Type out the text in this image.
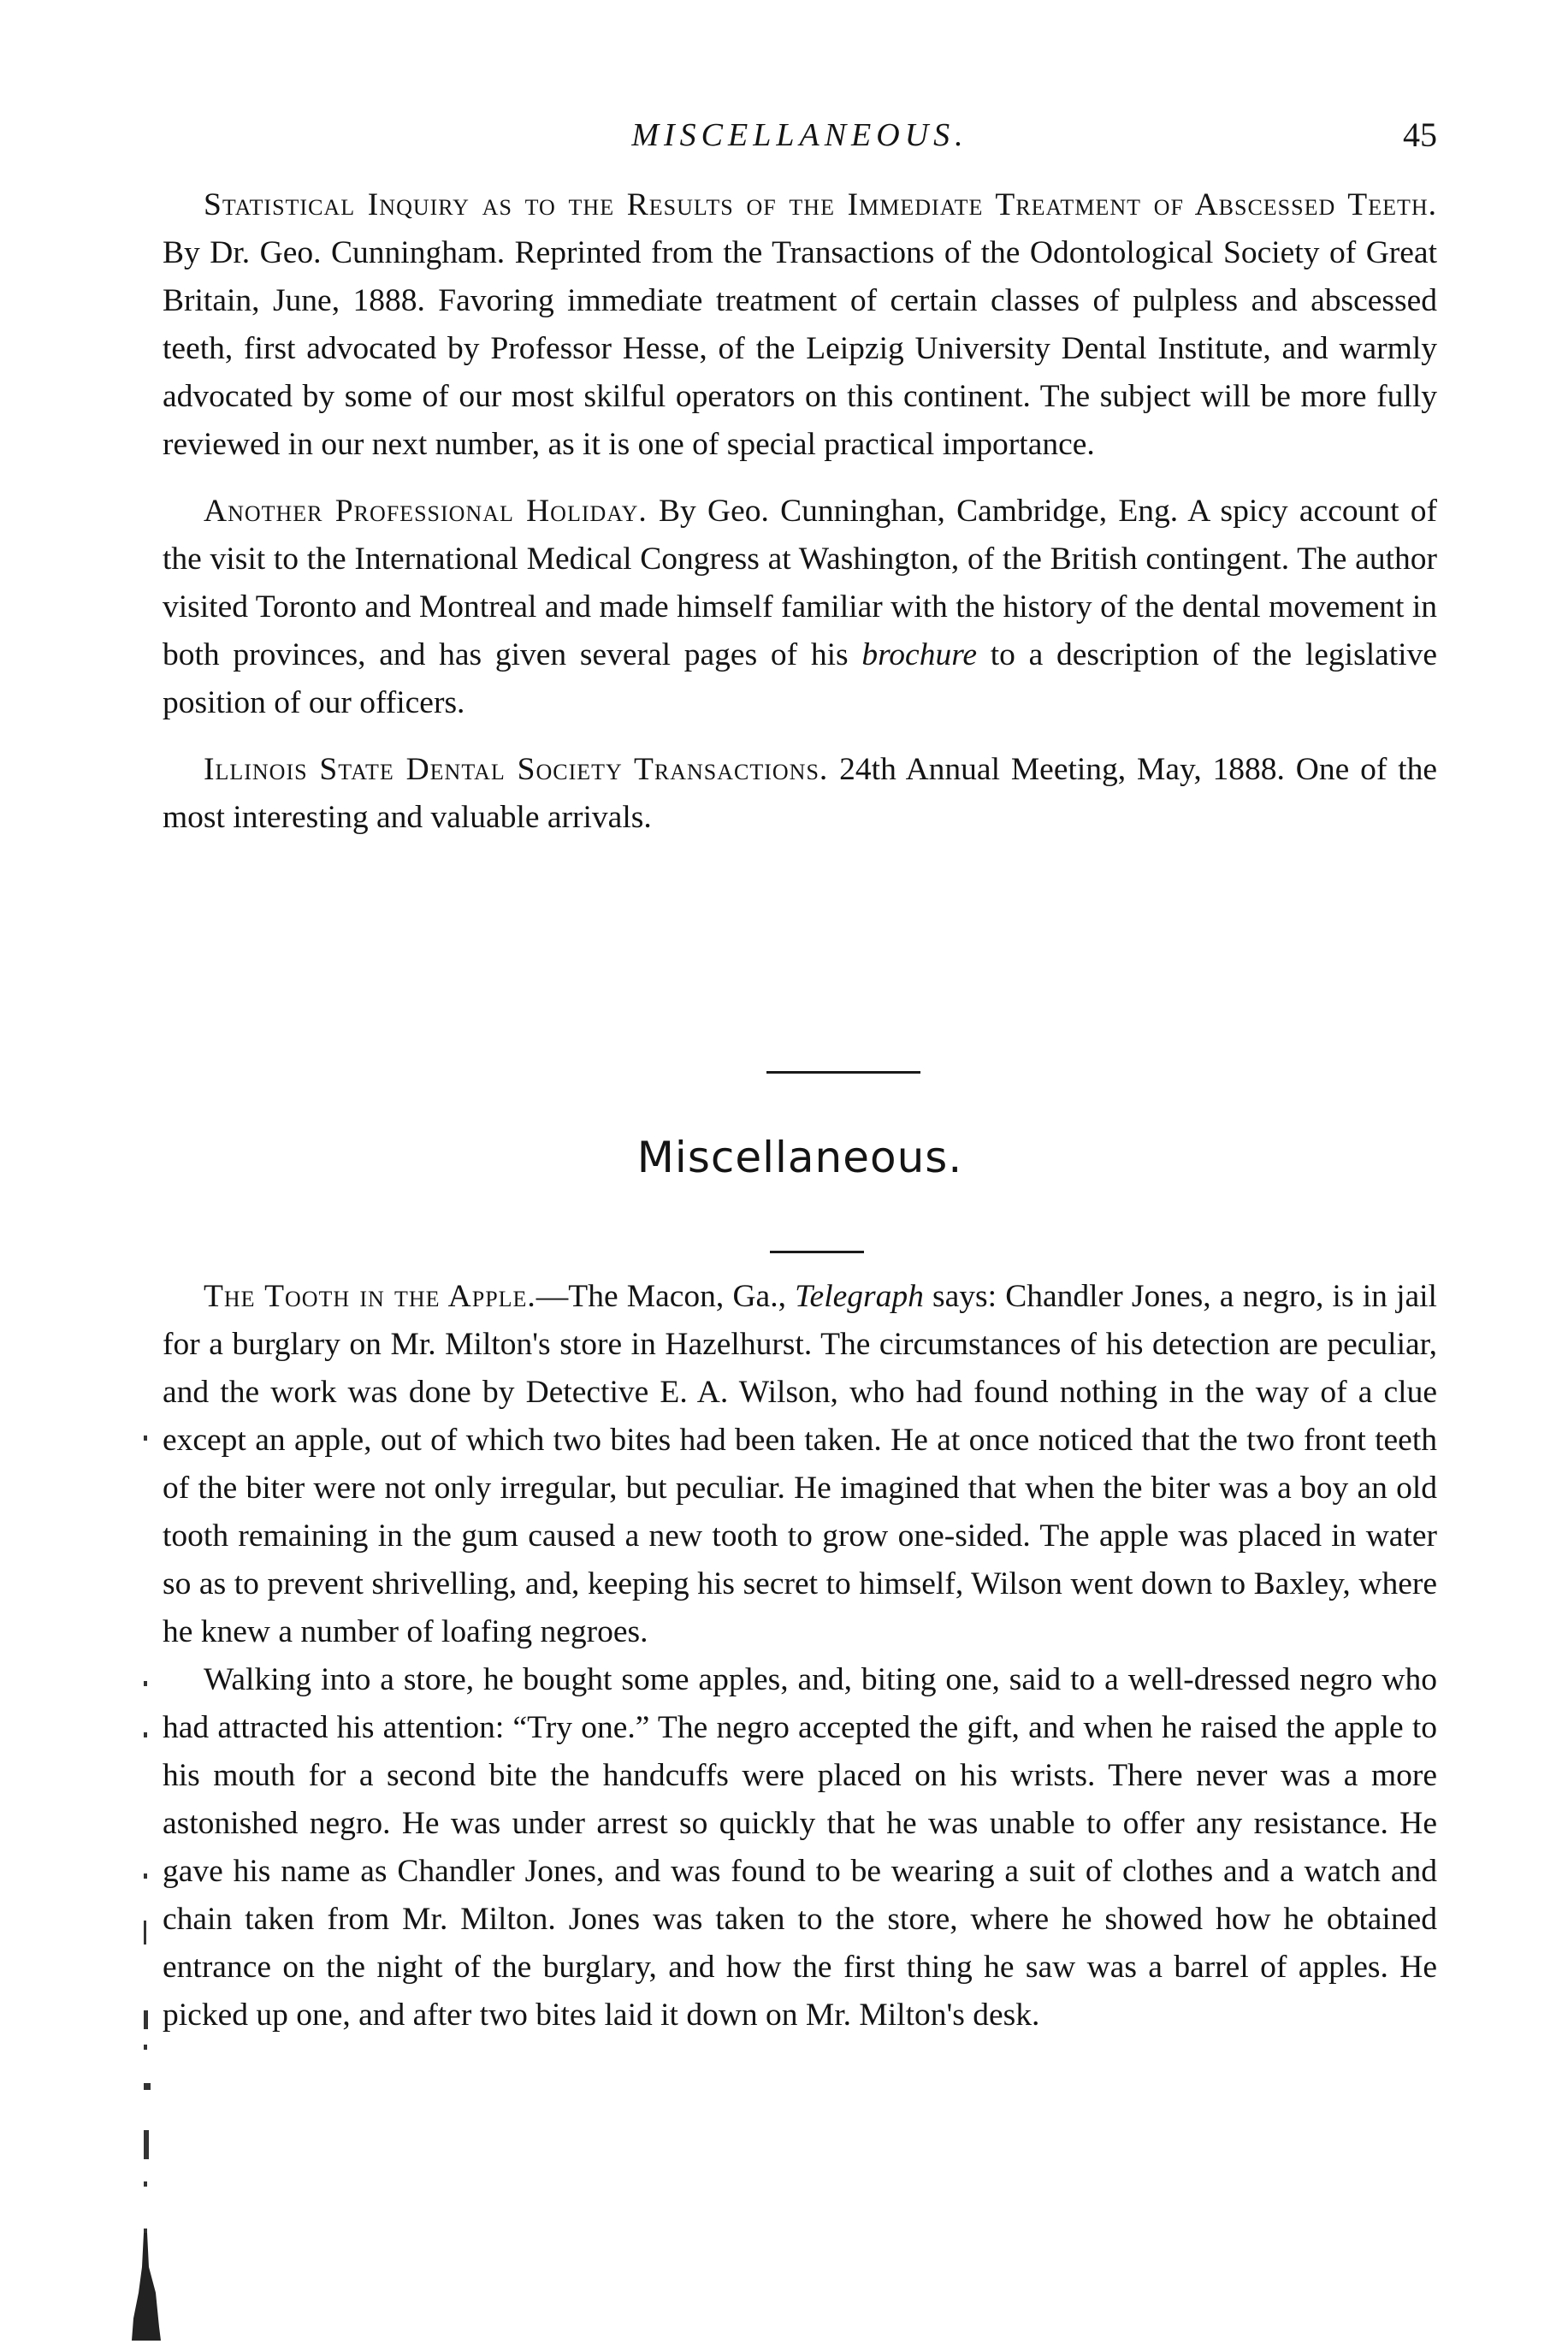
MISCELLANEOUS.	45

Statistical Inquiry as to the Results of the Immediate Treatment of Abscessed Teeth. By Dr. Geo. Cunningham. Reprinted from the Transactions of the Odontological Society of Great Britain, June, 1888. Favoring immediate treatment of certain classes of pulpless and abscessed teeth, first advocated by Professor Hesse, of the Leipzig University Dental Institute, and warmly advocated by some of our most skilful operators on this continent. The subject will be more fully reviewed in our next number, as it is one of special practical importance.

Another Professional Holiday. By Geo. Cunninghan, Cambridge, Eng. A spicy account of the visit to the International Medical Congress at Washington, of the British contingent. The author visited Toronto and Montreal and made himself familiar with the history of the dental movement in both provinces, and has given several pages of his brochure to a description of the legislative position of our officers.

Illinois State Dental Society Transactions. 24th Annual Meeting, May, 1888. One of the most interesting and valuable arrivals.

Miscellaneous.

The Tooth in the Apple.—The Macon, Ga., Telegraph says: Chandler Jones, a negro, is in jail for a burglary on Mr. Milton's store in Hazelhurst. The circumstances of his detection are peculiar, and the work was done by Detective E. A. Wilson, who had found nothing in the way of a clue except an apple, out of which two bites had been taken. He at once noticed that the two front teeth of the biter were not only irregular, but peculiar. He imagined that when the biter was a boy an old tooth remaining in the gum caused a new tooth to grow one-sided. The apple was placed in water so as to prevent shrivelling, and, keeping his secret to himself, Wilson went down to Baxley, where he knew a number of loafing negroes.

Walking into a store, he bought some apples, and, biting one, said to a well-dressed negro who had attracted his attention: “Try one.” The negro accepted the gift, and when he raised the apple to his mouth for a second bite the handcuffs were placed on his wrists. There never was a more astonished negro. He was under arrest so quickly that he was unable to offer any resistance. He gave his name as Chandler Jones, and was found to be wearing a suit of clothes and a watch and chain taken from Mr. Milton. Jones was taken to the store, where he showed how he obtained entrance on the night of the burglary, and how the first thing he saw was a barrel of apples. He picked up one, and after two bites laid it down on Mr. Milton's desk.
